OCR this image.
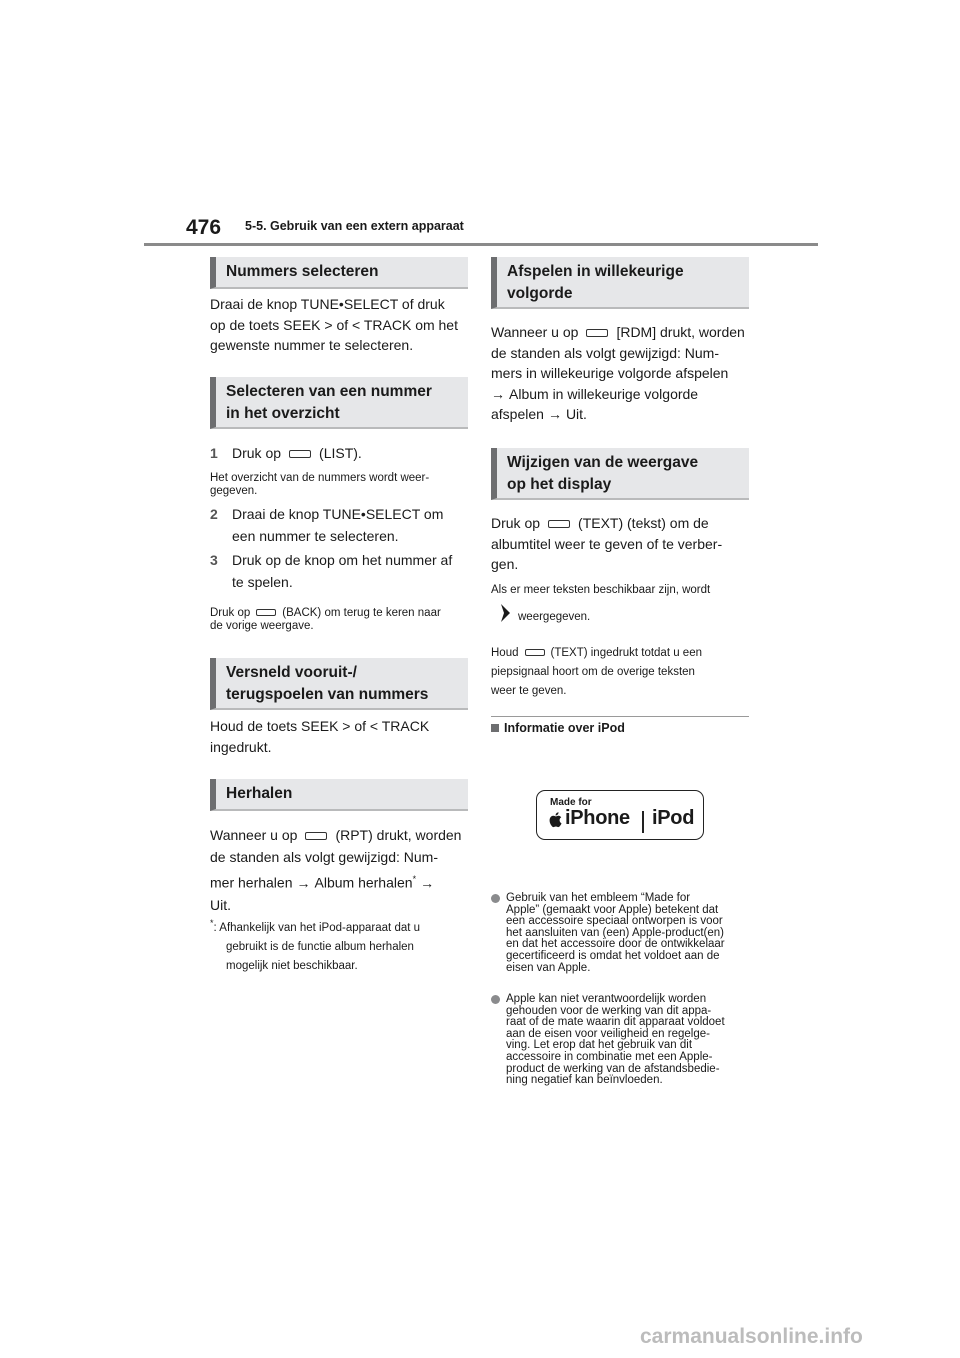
476 5-5. Gebruik van een extern apparaat
Nummers selecteren
Draai de knop TUNE•SELECT of druk
op de toets SEEK > of < TRACK om het
gewenste nummer te selecteren.
Selecteren van een nummer
in het overzicht
1 Druk op	(LIST).
Het overzicht van de nummers wordt weer-
gegeven.
2 Draai de knop TUNE•SELECT om
een nummer te selecteren.
3 Druk op de knop om het nummer af
te spelen.
Druk op	(BACK) om terug te keren naar
de vorige weergave.
Versneld vooruit-/
terugspoelen van nummers
Houd de toets SEEK > of < TRACK
ingedrukt.
Herhalen
Wanneer u op	(RPT) drukt, worden
de standen als volgt gewijzigd: Num-
mer herhalen → Album herhalen* →
Uit.
*: Afhankelijk van het iPod-apparaat dat u
gebruikt is de functie album herhalen
mogelijk niet beschikbaar.
Afspelen in willekeurige
volgorde
Wanneer u op	[RDM] drukt, worden
de standen als volgt gewijzigd: Num-
mers in willekeurige volgorde afspelen
→ Album in willekeurige volgorde
afspelen → Uit.
Wijzigen van de weergave
op het display
Druk op	(TEXT) (tekst) om de
albumtitel weer te geven of te verber-
gen.
Als er meer teksten beschikbaar zijn, wordt
weergegeven.
Houd	(TEXT) ingedrukt totdat u een
piepsignaal hoort om de overige teksten
weer te geven.
Informatie over iPod
Made for
iPhone iPod
Gebruik van het embleem “Made for
Apple” (gemaakt voor Apple) betekent dat
een accessoire speciaal ontworpen is voor
het aansluiten van (een) Apple-product(en)
en dat het accessoire door de ontwikkelaar
gecertificeerd is omdat het voldoet aan de
eisen van Apple.
Apple kan niet verantwoordelijk worden
gehouden voor de werking van dit appa-
raat of de mate waarin dit apparaat voldoet
aan de eisen voor veiligheid en regelge-
ving. Let erop dat het gebruik van dit
accessoire in combinatie met een Apple-
product de werking van de afstandsbedie-
ning negatief kan beïnvloeden.
carmanualsonline.info
